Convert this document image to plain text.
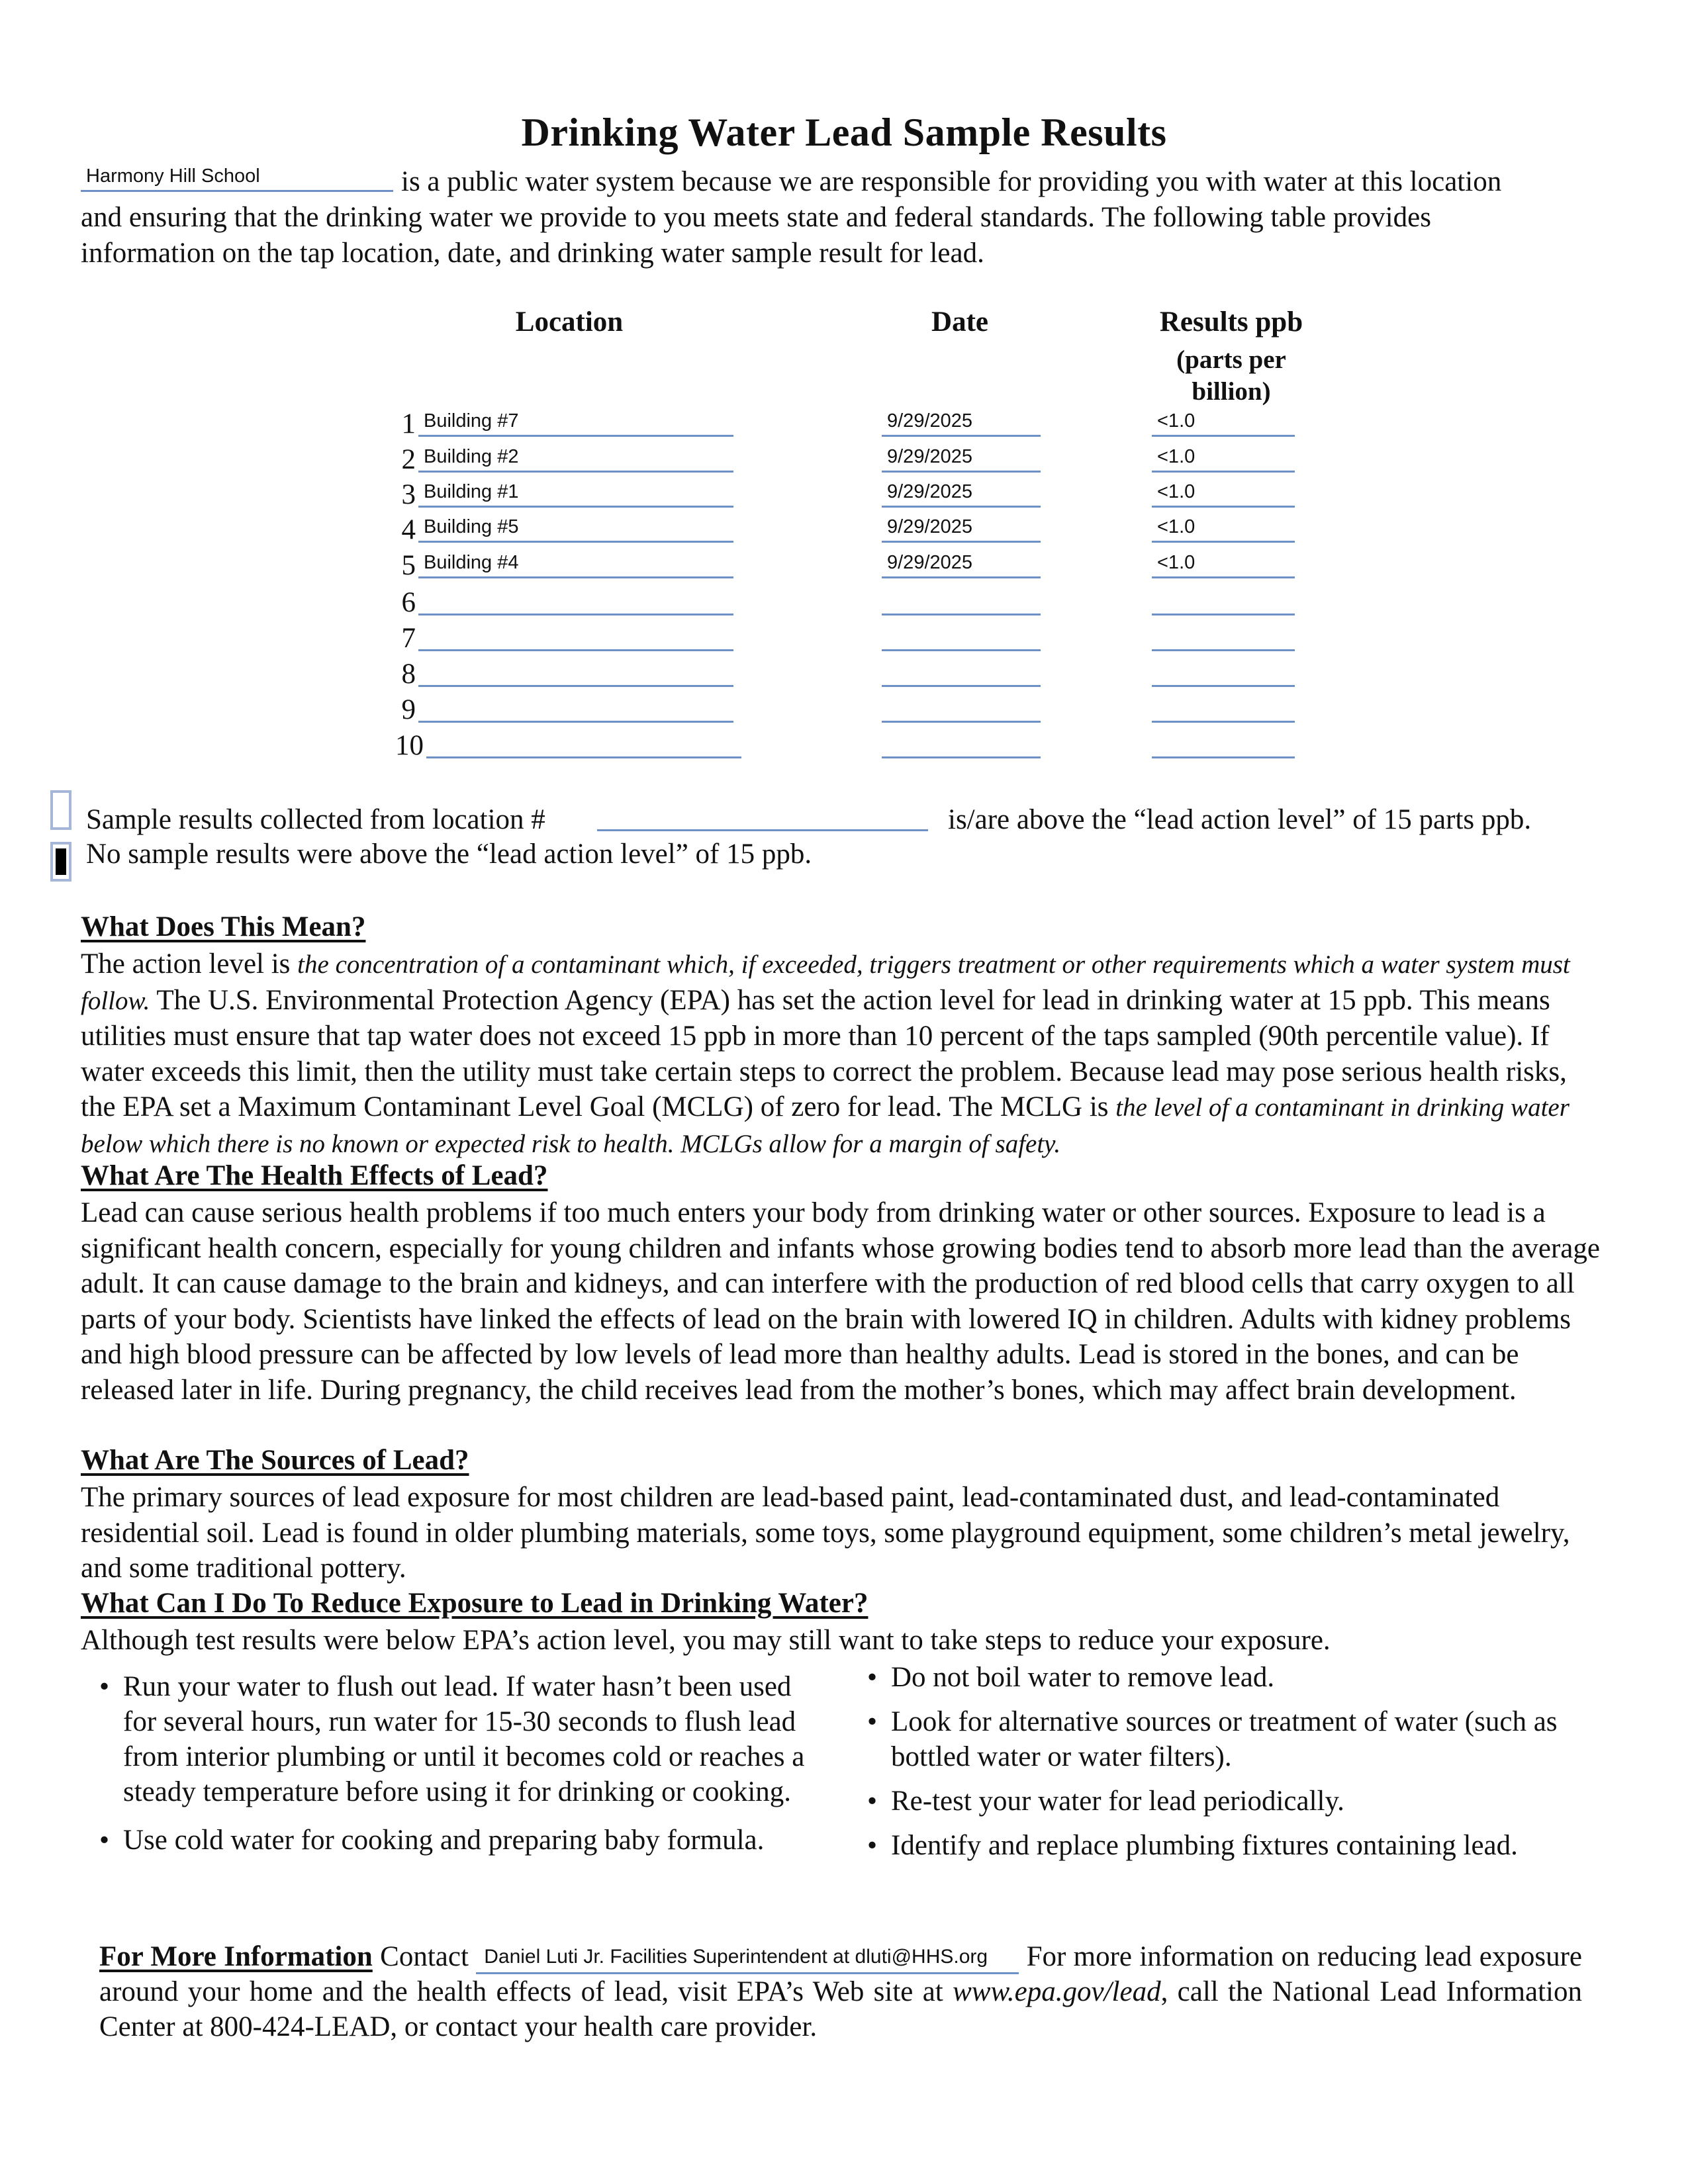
Drinking Water Lead Sample Results
Harmony Hill School	is a public water system because we are responsible for providing you with water at this location
and ensuring that the drinking water we provide to you meets state and federal standards. The following table provides
information on the tap location, date, and drinking water sample result for lead.
Location	Date	Results ppb
(parts per
billion)
1 Building #7	9/29/2025	<1.0
2 Building #2	9/29/2025	<1.0
3 Building #1	9/29/2025	<1.0
4 Building #5	9/29/2025	<1.0
5 Building #4	9/29/2025	<1.0
6
7
8
9
10
Sample results collected from location #	is/are above the “lead action level” of 15 parts ppb.
No sample results were above the “lead action level” of 15 ppb.
What Does This Mean?
The action level is the concentration of a contaminant which, if exceeded, triggers treatment or other requirements which a water system must follow. The U.S. Environmental Protection Agency (EPA) has set the action level for lead in drinking water at 15 ppb. This means utilities must ensure that tap water does not exceed 15 ppb in more than 10 percent of the taps sampled (90th percentile value). If water exceeds this limit, then the utility must take certain steps to correct the problem. Because lead may pose serious health risks, the EPA set a Maximum Contaminant Level Goal (MCLG) of zero for lead. The MCLG is the level of a contaminant in drinking water below which there is no known or expected risk to health. MCLGs allow for a margin of safety.
What Are The Health Effects of Lead?
Lead can cause serious health problems if too much enters your body from drinking water or other sources. Exposure to lead is a significant health concern, especially for young children and infants whose growing bodies tend to absorb more lead than the average adult. It can cause damage to the brain and kidneys, and can interfere with the production of red blood cells that carry oxygen to all parts of your body. Scientists have linked the effects of lead on the brain with lowered IQ in children. Adults with kidney problems and high blood pressure can be affected by low levels of lead more than healthy adults. Lead is stored in the bones, and can be released later in life. During pregnancy, the child receives lead from the mother’s bones, which may affect brain development.
What Are The Sources of Lead?
The primary sources of lead exposure for most children are lead-based paint, lead-contaminated dust, and lead-contaminated residential soil. Lead is found in older plumbing materials, some toys, some playground equipment, some children’s metal jewelry, and some traditional pottery.
What Can I Do To Reduce Exposure to Lead in Drinking Water?
Although test results were below EPA’s action level, you may still want to take steps to reduce your exposure.
• Run your water to flush out lead. If water hasn’t been used for several hours, run water for 15-30 seconds to flush lead from interior plumbing or until it becomes cold or reaches a steady temperature before using it for drinking or cooking.
• Use cold water for cooking and preparing baby formula.
• Do not boil water to remove lead.
• Look for alternative sources or treatment of water (such as bottled water or water filters).
• Re-test your water for lead periodically.
• Identify and replace plumbing fixtures containing lead.
For More Information Contact Daniel Luti Jr. Facilities Superintendent at dluti@HHS.org For more information on reducing lead exposure around your home and the health effects of lead, visit EPA’s Web site at www.epa.gov/lead, call the National Lead Information Center at 800-424-LEAD, or contact your health care provider.
